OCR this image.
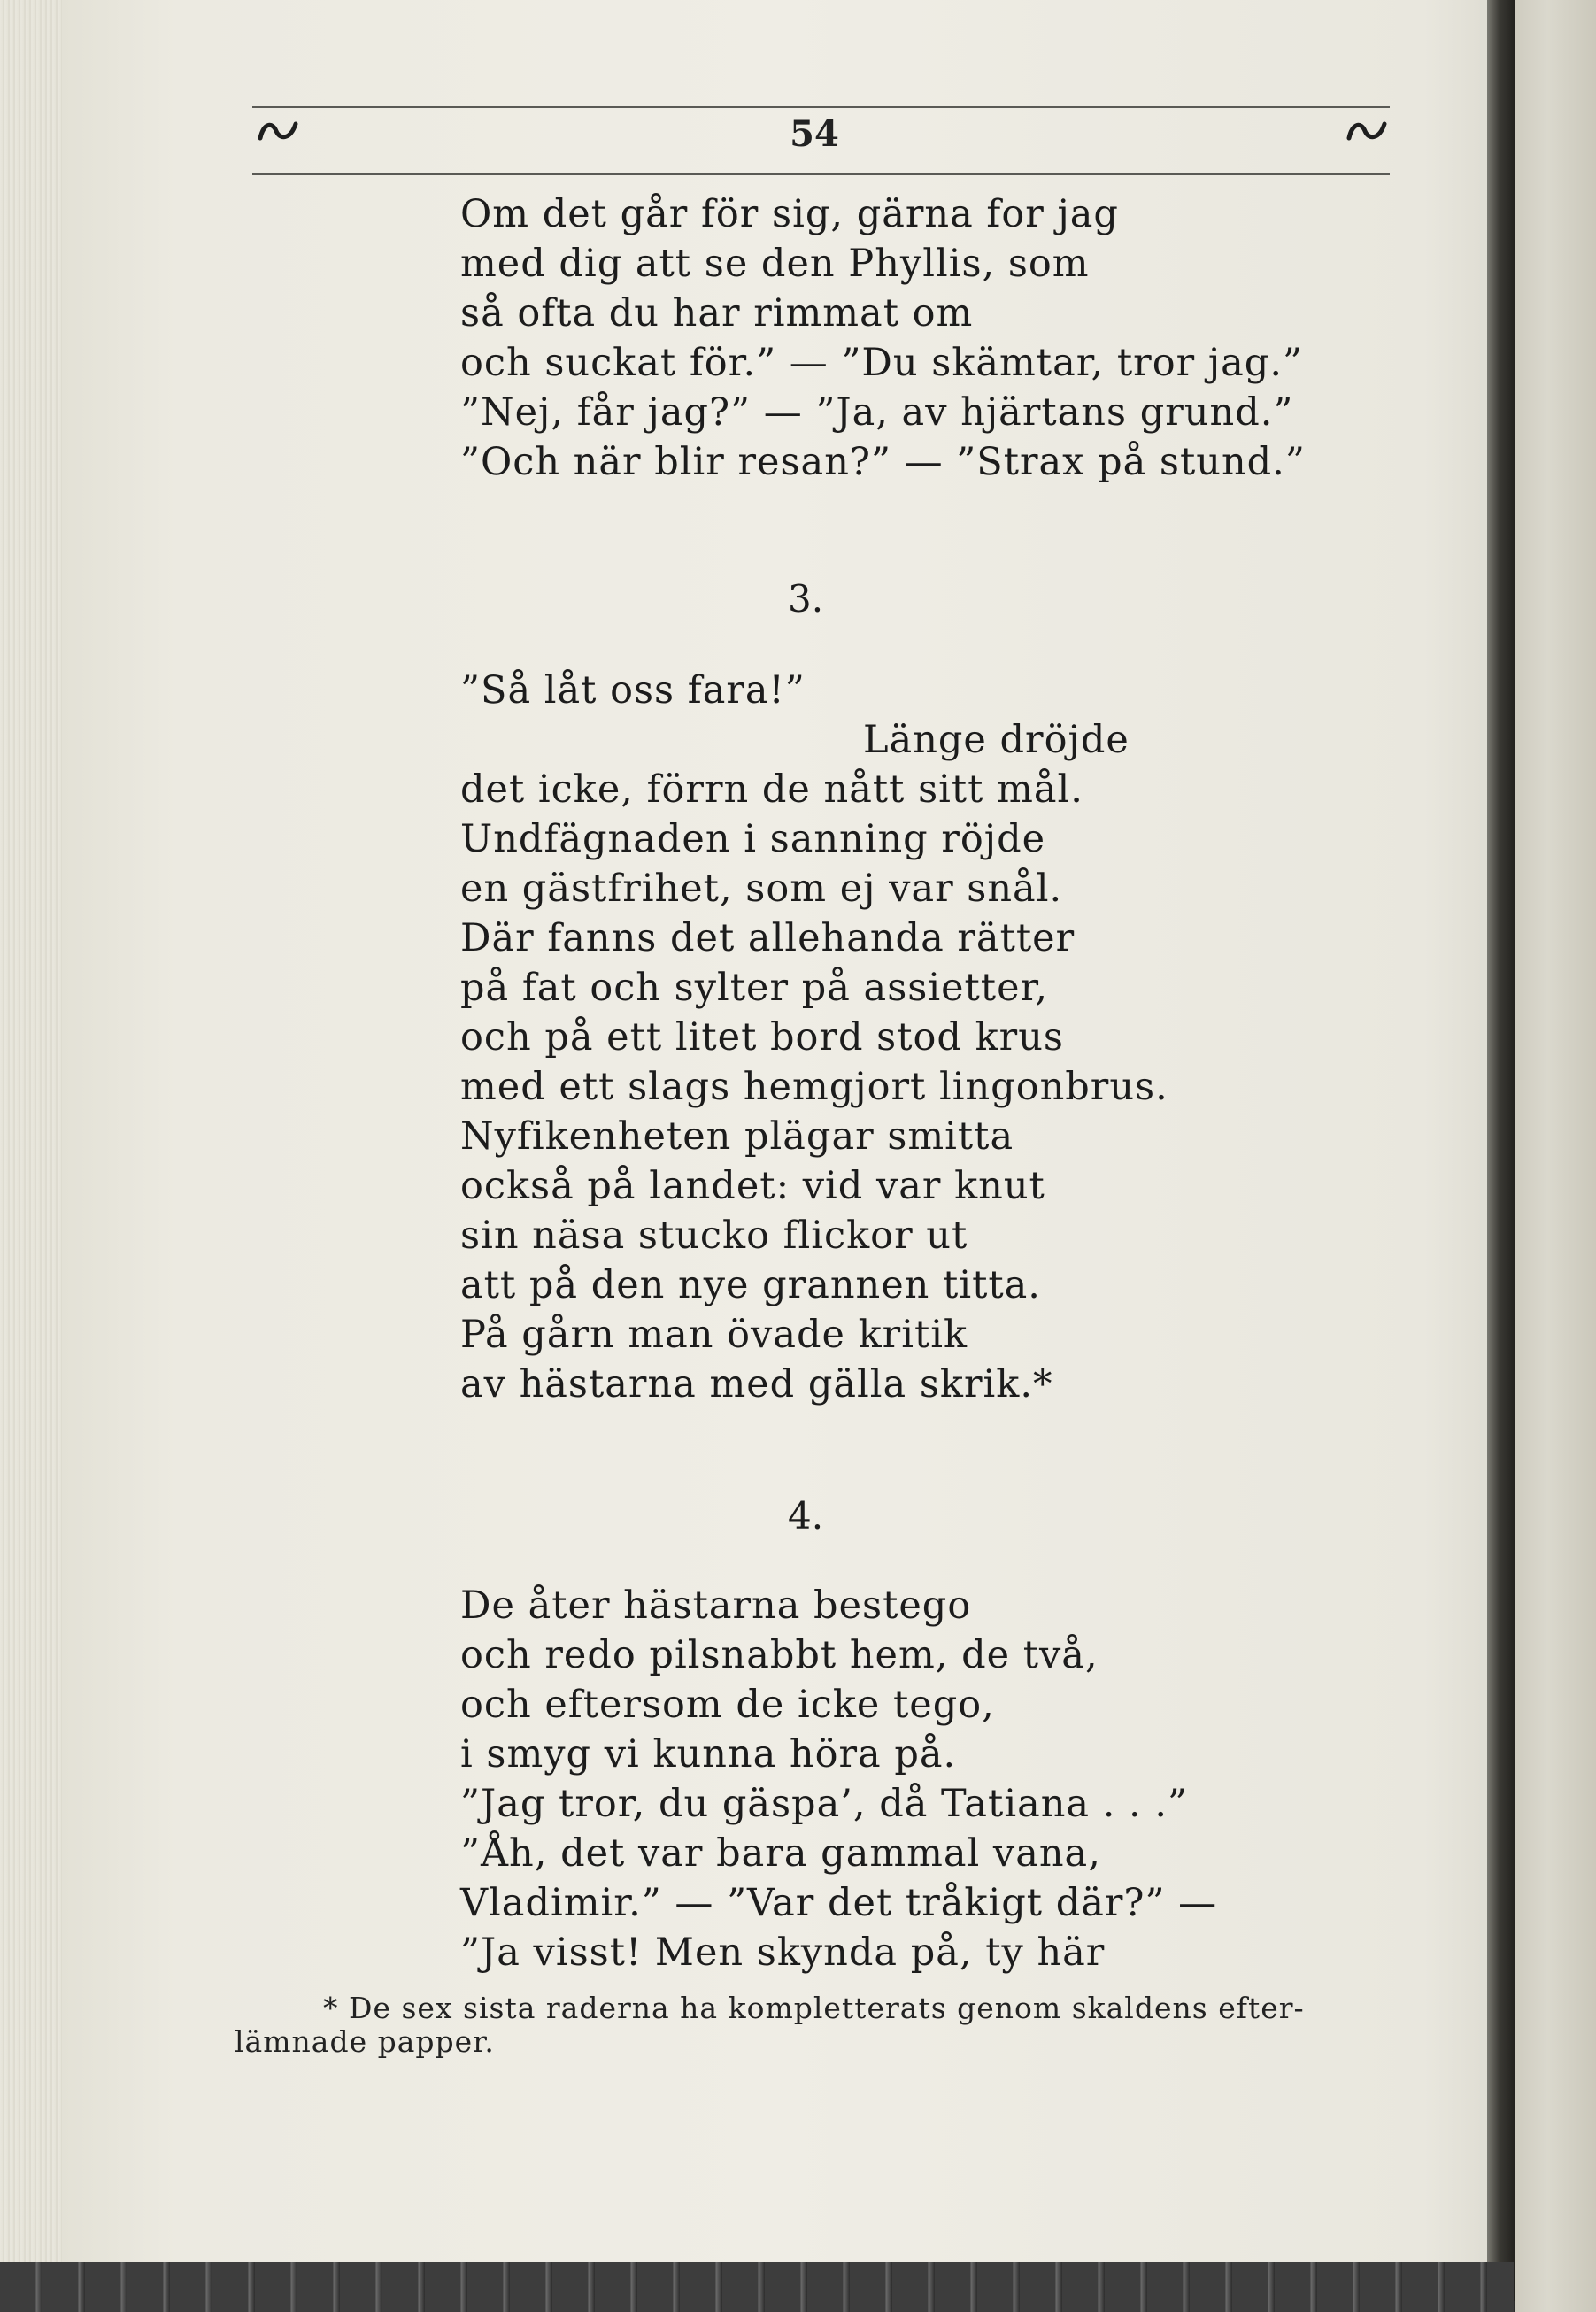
54
Om det går för sig, gärna for jag
med dig att se den Phyllis, som
så ofta du har rimmat om
och suckat för.” — ”Du skämtar, tror jag.”
”Nej, får jag?” — ”Ja, av hjärtans grund.”
”Och när blir resan?” — ”Strax på stund.”
3.
”Så låt oss fara!”
Länge dröjde
det icke, förrn de nått sitt mål.
Undfägnaden i sanning röjde
en gästfrihet, som ej var snål.
Där fanns det allehanda rätter
på fat och sylter på assietter,
och på ett litet bord stod krus
med ett slags hemgjort lingonbrus.
Nyfikenheten plägar smitta
också på landet: vid var knut
sin näsa stucko flickor ut
att på den nye grannen titta.
På gårn man övade kritik
av hästarna med gälla skrik.*
4.
De åter hästarna bestego
och redo pilsnabbt hem, de två,
och eftersom de icke tego,
i smyg vi kunna höra på.
”Jag tror, du gäspa’, då Tatiana . . .”
”Åh, det var bara gammal vana,
Vladimir.” — ”Var det tråkigt där?” —
”Ja visst! Men skynda på, ty här
* De sex sista raderna ha kompletterats genom skaldens efter-
lämnade papper.
